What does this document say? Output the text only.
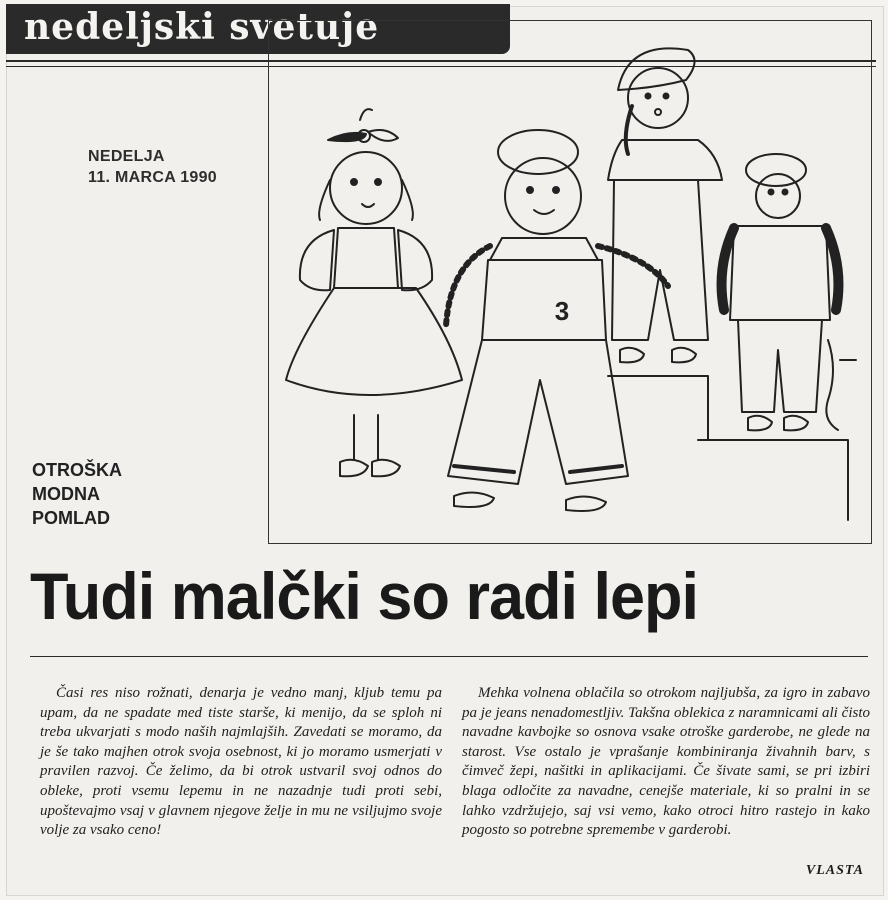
nedeljski svetuje
NEDELJA
11. MARCA 1990
3
OTROŠKA
MODNA
POMLAD
Tudi malčki so radi lepi

Časi res niso rožnati, denarja je vedno manj, kljub temu pa upam, da ne spadate med tiste starše, ki menijo, da se sploh ni treba ukvarjati s modo naših najmlajših. Zavedati se moramo, da je še tako majhen otrok svoja osebnost, ki jo moramo usmerjati v pravilen razvoj. Če želimo, da bi otrok ustvaril svoj odnos do obleke, proti vsemu lepemu in ne nazadnje tudi proti sebi, upoštevajmo vsaj v glavnem njegove želje in mu ne vsiljujmo svoje volje za vsako ceno!

Mehka volnena oblačila so otrokom najljubša, za igro in zabavo pa je jeans nenadomestljiv. Takšna oblekica z naramnicami ali čisto navadne kavbojke so osnova vsake otroške garderobe, ne glede na starost. Vse ostalo je vprašanje kombiniranja živahnih barv, s čimveč žepi, našitki in aplikacijami. Če šivate sami, se pri izbiri blaga odločite za navadne, cenejše materiale, ki so pralni in se lahko vzdržujejo, saj vsi vemo, kako otroci hitro rastejo in kako pogosto so potrebne spremembe v garderobi.

VLASTA
